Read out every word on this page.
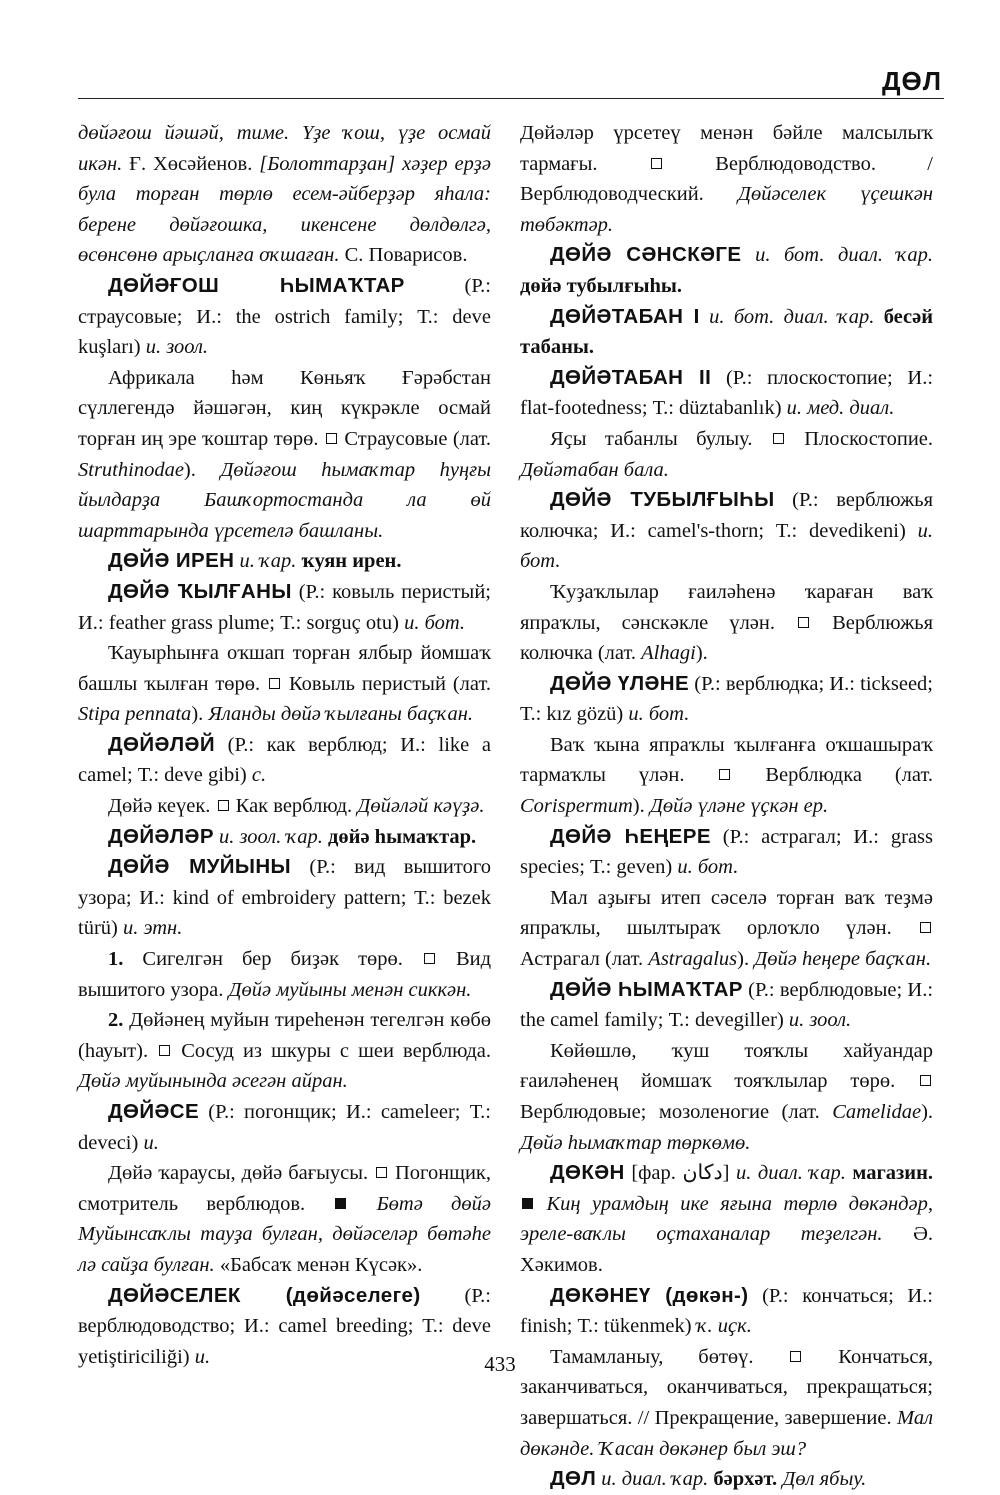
ДӨЛ

дөйәғош йәшәй, тиме. Үҙе ҡош, үҙе осмай икән. Ғ. Хөсәйенов. [Болоттарҙан] хәҙер ерҙә була торған төрлө есем-әйберҙәр яһала: берене дөйәғошка, икенсене дөлдөлгә, өсөнсөнө арыҫланға оҡшаған. С. Поварисов.

ДӨЙӘҒОШ ҺЫМАҠТАР	(Р.: страусовые; И.: the ostrich family; Т.: deve kuşları) и. зоол.

Африкала һәм Көньяҡ Ғәрәбстан сүллегендә йәшәгән, киң күкрәкле осмай торған иң эре ҡоштар төрө. Страусовые (лат. Struthinodae). Дөйәғош һымаҡтар һуңғы йылдарҙа Башҡортостанда ла өй шарттарында үрсетелә башланы.

ДӨЙӘ ИРЕН и. ҡар. ҡуян ирен.

ДӨЙӘ ҠЫЛҒАНЫ (Р.: ковыль перистый; И.: feather grass plume; Т.: sorguç otu) и. бот.

Ҡауырһынға оҡшап торған ялбыр йомшаҡ башлы ҡылған төрө. Ковыль перистый (лат. Stipa pennata). Яланды дөйә ҡылғаны баҫҡан.

ДӨЙӘЛӘЙ (Р.: как верблюд; И.: like a camel; Т.: deve gibi) с.

Дөйә кеүек. Как верблюд. Дөйәләй кәүҙә.

ДӨЙӘЛӘР и. зоол. ҡар. дөйә һымаҡтар.

ДӨЙӘ МУЙЫНЫ (Р.: вид вышитого узора; И.: kind of embroidery pattern; Т.: bezek türü) и. этн.

1. Сигелгән бер биҙәк төрө.	Вид вышитого узора. Дөйә муйыны менән сиккән.

2. Дөйәнең муйын тиреһенән тегелгән көбө (һауыт). Сосуд из шкуры с шеи верблюда. Дөйә муйынында әсегән айран.

ДӨЙӘСЕ (Р.: погонщик; И.: cameleer; Т.: deveci) и.

Дөйә ҡараусы, дөйә бағыусы. Погонщик, смотритель верблюдов.	Бөтә дөйә Муйынсаҡлы тауҙа булған, дөйәселәр бөтәһе лә сайҙа булған. «Бабсаҡ менән Күсәк».

ДӨЙӘСЕЛЕК (дөйәселеге) (Р.: верблюдоводство; И.: camel breeding; Т.: deve yetiştiriciliği) и.

Дөйәләр үрсетеү менән бәйле малсылыҡ тармағы.	Верблюдоводство. / Верблюдоводческий. Дөйәселек үҫешкән төбәктәр.

ДӨЙӘ СӘНСКӘГЕ и. бот. диал. ҡар. дөйә тубылғыһы.

ДӨЙӘТАБАН I и. бот. диал. ҡар. бесәй табаны.

ДӨЙӘТАБАН II (Р.: плоскостопие; И.: flat-footedness; Т.: düztabanlık) и. мед. диал.

Яҫы табанлы булыу.	Плоскостопие. Дөйәтабан бала.

ДӨЙӘ ТУБЫЛҒЫҺЫ (Р.: верблюжья колючка; И.: camel's-thorn; Т.: devedikeni) и. бот.

Ҡуҙаҡлылар ғаиләһенә ҡараған ваҡ япраҡлы, сәнскәкле үлән.	Верблюжья колючка (лат. Alhagi).

ДӨЙӘ ҮЛӘНЕ (Р.: верблюдка; И.: tickseed; Т.: kız gözü) и. бот.

Ваҡ ҡына япраҡлы ҡылғанға оҡшашыраҡ тармаҡлы үлән.	Верблюдка (лат. Corispermum). Дөйә үләне үҫкән ер.

ДӨЙӘ ҺЕҢЕРЕ (Р.: астрагал; И.: grass species; Т.: geven) и. бот.

Мал аҙығы итеп сәселә торған ваҡ теҙмә япраҡлы, шылтыраҡ орлоҡло үлән.  Астрагал (лат. Astragalus). Дөйә һеңере баҫҡан.

ДӨЙӘ ҺЫМАҠТАР (Р.: верблюдовые; И.: the camel family; Т.: devegiller) и. зоол.

Көйөшлө, ҡуш тояҡлы хайуандар ғаиләһенең йомшаҡ тояҡлылар төрө.  Верблюдовые; мозоленогие (лат. Camelidae). Дөйә һымаҡтар төркөмө.

ДӨКӘН [фар. دکان] и. диал. ҡар. магазин.  Киң урамдың ике яғына төрлө дөкәндәр, эреле-ваҡлы оҫтаханалар теҙелгән. Ә. Хәкимов.

ДӨКӘНЕҮ (дөкән-) (Р.: кончаться; И.: finish; Т.: tükenmek) ҡ. иҫк.

Тамамланыу, бөтөү.	Кончаться, заканчиваться, оканчиваться, прекращаться; завершаться. // Прекращение, завершение. Мал дөкәнде. Ҡасан дөкәнер был эш?

ДӨЛ и. диал. ҡар. бәрхәт. Дөл ябыу.

433
